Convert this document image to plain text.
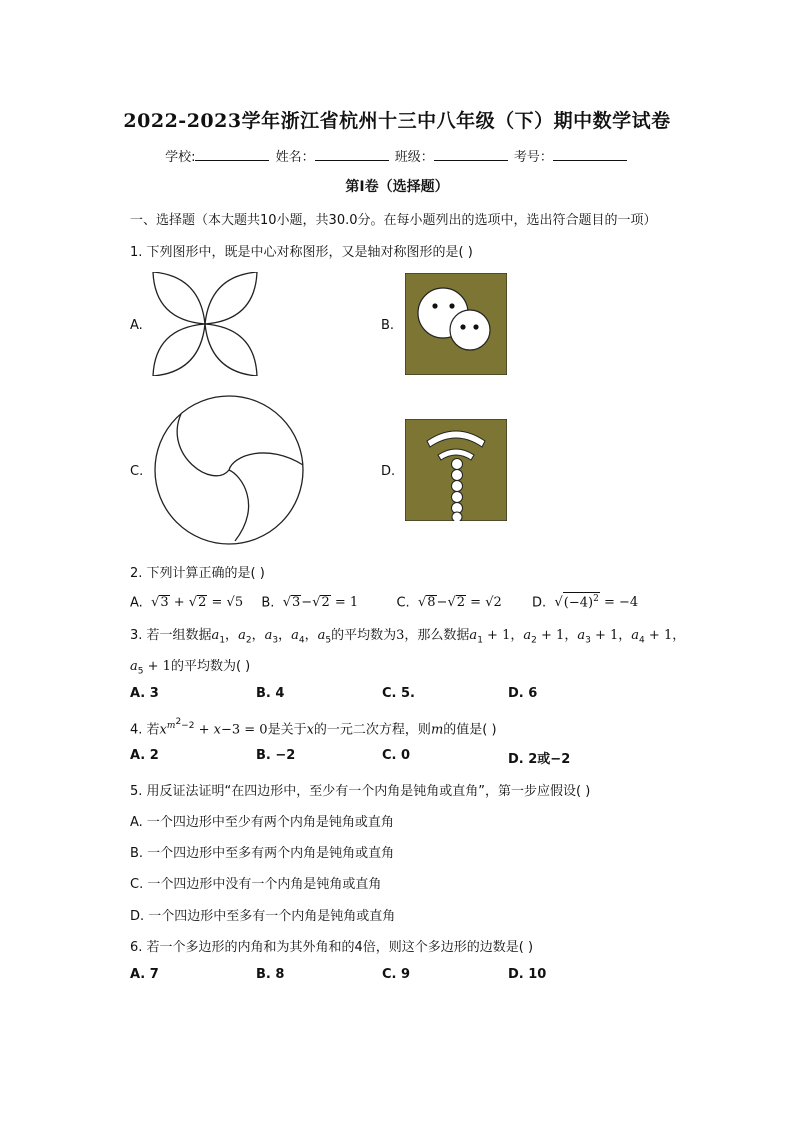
2022-2023学年浙江省杭州十三中八年级（下）期中数学试卷
学校:	姓名：	班级：	考号：
第I卷（选择题）
一、选择题（本大题共10小题，共30.0分。在每小题列出的选项中，选出符合题目的一项）
1. 下列图形中，既是中心对称图形，又是轴对称图形的是( )
A.	B.
C.	D.
2. 下列计算正确的是( )
A.  √3 + √2 = √5 B.  √3−√2 = 1	C.  √8−√2 = √2 D.  $√(-4)^2 = -4$
3. 若一组数据$a_1$，$a_2$，$a_3$，$a_4$，$a_5$的平均数为3，那么数据$a_1 + 1$，$a_2 + 1$，$a_3 + 1$，$a_4 + 1$，
$a_5 + 1$的平均数为( )
A. 3	B. 4	C. 5.	D. 6
4. 若$x^{m^2-2} + x-3 = 0$是关于x的一元二次方程，则m的值是( )
A. 2	B. −2	C. 0	D. 2或−2
5. 用反证法证明“在四边形中，至少有一个内角是钝角或直角”，第一步应假设( )
A. 一个四边形中至少有两个内角是钝角或直角
B. 一个四边形中至多有两个内角是钝角或直角
C. 一个四边形中没有一个内角是钝角或直角
D. 一个四边形中至多有一个内角是钝角或直角
6. 若一个多边形的内角和为其外角和的4倍，则这个多边形的边数是( )
A. 7	B. 8	C. 9	D. 10
